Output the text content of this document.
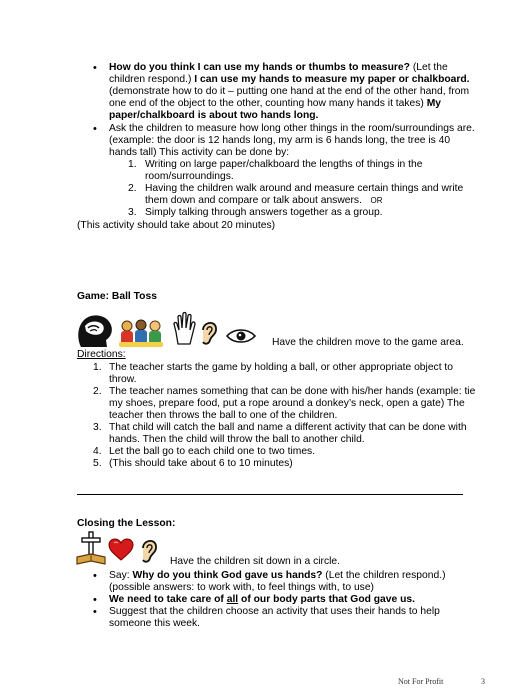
•
How do you think I can use my hands or thumbs to measure? (Let the
children respond.) I can use my hands to measure my paper or chalkboard.
(demonstrate how to do it – putting one hand at the end of the other hand, from
one end of the object to the other, counting how many hands it takes) My
paper/chalkboard is about two hands long.
•
Ask the children to measure how long other things in the room/surroundings are.
(example: the door is 12 hands long, my arm is 6 hands long, the tree is 40
hands tall) This activity can be done by:
1. Writing on large paper/chalkboard the lengths of things in the
room/surroundings.
2. Having the children walk around and measure certain things and write
them down and compare or talk about answers. OR
3. Simply talking through answers together as a group.
(This activity should take about 20 minutes)
Game: Ball Toss
Have the children move to the game area.
Directions:
1. The teacher starts the game by holding a ball, or other appropriate object to
throw.
2. The teacher names something that can be done with his/her hands (example: tie
my shoes, prepare food, put a rope around a donkey’s neck, open a gate) The
teacher then throws the ball to one of the children.
3. That child will catch the ball and name a different activity that can be done with
hands. Then the child will throw the ball to another child.
4. Let the ball go to each child one to two times.
5. (This should take about 6 to 10 minutes)
Closing the Lesson:
Have the children sit down in a circle.
•
Say: Why do you think God gave us hands? (Let the children respond.)
(possible answers: to work with, to feel things with, to use)
•
We need to take care of all of our body parts that God gave us.
•
Suggest that the children choose an activity that uses their hands to help
someone this week.
Not For Profit	3
